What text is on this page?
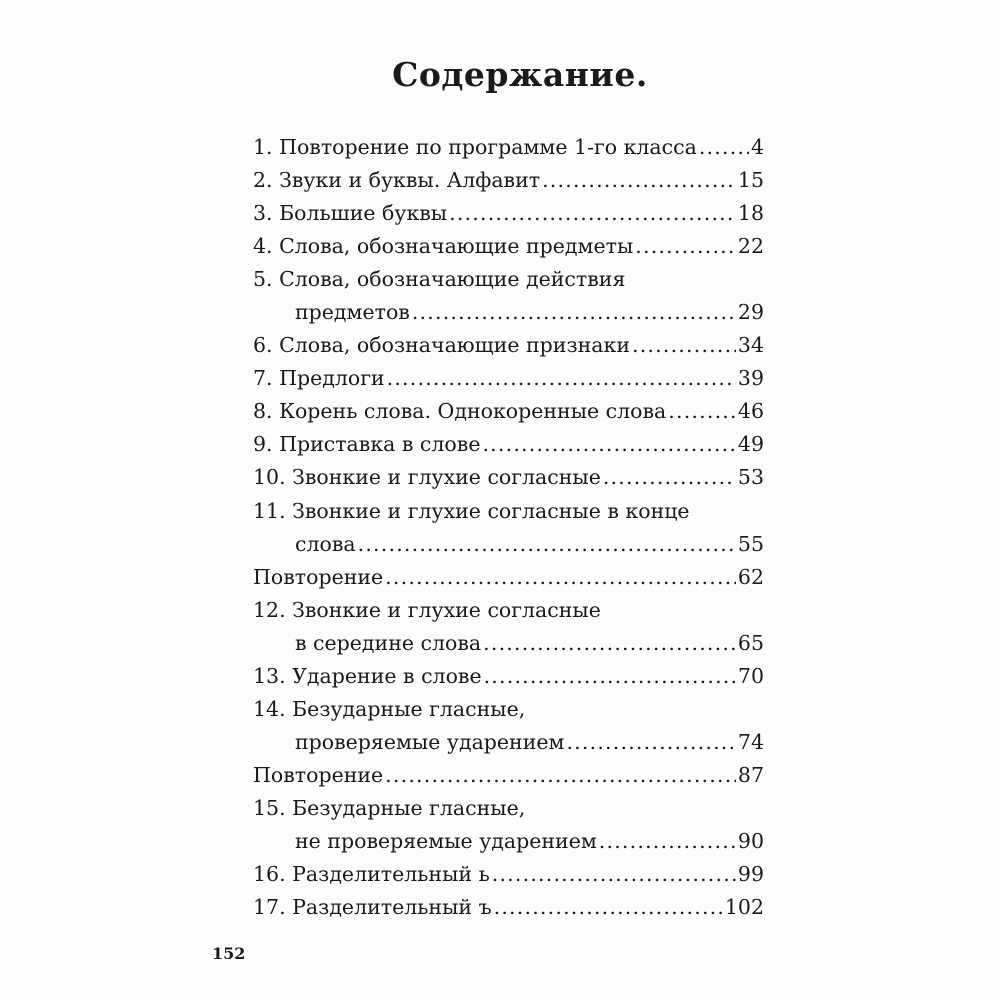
Содержание.
1. Повторение по программе 1-го класса .....	4
2. Звуки и буквы. Алфавит .....	15
3. Большие буквы .....	18
4. Слова, обозначающие предметы .....	22
5. Слова, обозначающие действия
предметов .....	29
6. Слова, обозначающие признаки .....	34
7. Предлоги .....	39
8. Корень слова. Однокоренные слова .....	46
9. Приставка в слове .....	49
10. Звонкие и глухие согласные .....	53
11. Звонкие и глухие согласные в конце
слова .....	55
Повторение .....	62
12. Звонкие и глухие согласные
в середине слова .....	65
13. Ударение в слове .....	70
14. Безударные гласные,
проверяемые ударением .....	74
Повторение .....	87
15. Безударные гласные,
не проверяемые ударением .....	90
16. Разделительный ь .....	99
17. Разделительный ъ .....	102
152
